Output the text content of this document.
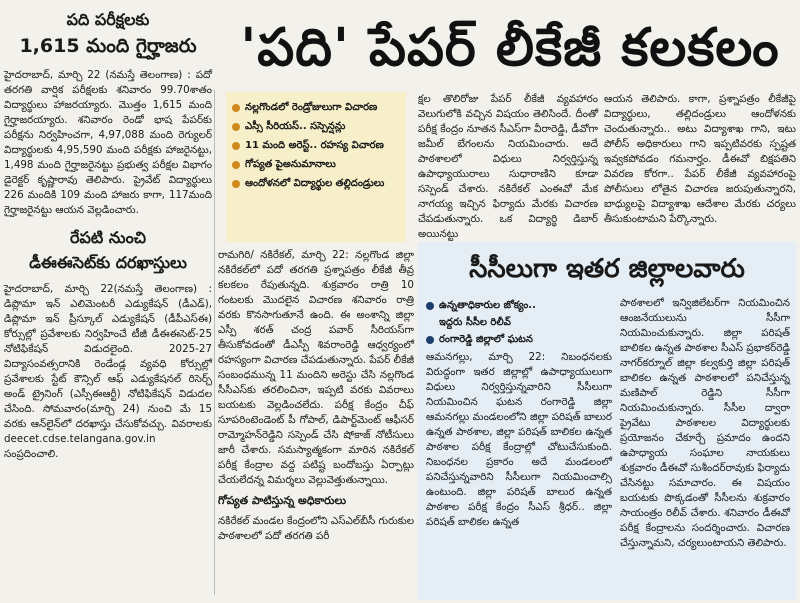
పది పరీక్షలకు
1,615 మంది గైర్హాజరు

హైదరాబాద్, మార్చి 22 (నమస్తే తెలంగాణ) : పదో తరగతి వార్షిక పరీక్షలకు శనివారం 99.70శాతం విద్యార్థులు హాజరయ్యారు. మొత్తం 1,615 మంది గైర్హాజరయ్యారు. శనివారం రెండో భాష పేపర్‌కు పరీక్షను నిర్వహించగా, 4,97,088 మంది రెగ్యులర్ విద్యార్థులకు 4,95,590 మంది పరీక్షకు హాజరైనట్టు, 1,498 మంది గైర్హాజరైనట్టు ప్రభుత్వ పరీక్షల విభాగం డైరెక్టర్ కృష్ణారావు తెలిపారు. ప్రైవేట్ విద్యార్థులు 226 మందికి 109 మంది హాజరు కాగా, 117మంది గైర్హాజరైనట్టు ఆయన వెల్లడించారు.

రేపటి నుంచి
డీఈఈసెట్‌కు దరఖాస్తులు

హైదరాబాద్, మార్చి 22(నమస్తే తెలంగాణ) : డిప్లొమా ఇన్ ఎలిమెంటరీ ఎడ్యుకేషన్ (డీఎడ్), డిప్లొమా ఇన్ ప్రీస్కూల్ ఎడ్యుకేషన్ (డీపీఎస్ఈ) కోర్సుల్లో ప్రవేశాలకు నిర్వహించే టీజీ డీఈఈసెట్-25 నోటిఫికేషన్ విడుదలైంది. 2025-27 విద్యాసంవత్సరానికి రెండేండ్ల వ్యవధి కోర్సుల్లో ప్రవేశాలకు స్టేట్ కౌన్సిల్ ఆఫ్ ఎడ్యుకేషనల్ రిసెర్చ్ అండ్ ట్రైనింగ్ (ఎస్సీఈఆర్టీ) నోటిఫికేషన్ విడుదల చేసింది. సోమవారం(మార్చి 24) నుంచి మే 15 వరకు ఆన్‌లైన్‌లో దరఖాస్తు చేసుకోవచ్చు. వివరాలకు deecet.cdse.telangana.gov.in సంప్రదించాలి.

'పది' పేపర్ లీకేజీ కలకలం
నల్లగొండలో రెండ్రోజులుగా విచారణ
ఎస్సీ సీరియస్.. సస్పెన్షన్లు
11 మంది అరెస్ట్.. రహస్య విచారణ
గోప్యత పైఅనుమానాలు
ఆందోళనలో విద్యార్థుల తల్లిదండ్రులు

రామగిరి/ నకిరేకల్, మార్చి 22: నల్లగొండ జిల్లా నకిరేకల్‌లో పదో తరగతి ప్రశ్నాపత్రం లీకేజీ తీవ్ర కలకలం రేపుతున్నది. శుక్రవారం రాత్రి 10 గంటలకు మొదలైన విచారణ శనివారం రాత్రి వరకు కొనసాగుతూనే ఉంది. ఈ అంశాన్ని జిల్లా ఎస్పీ శరత్ చంద్ర పవార్ సీరియస్‌గా తీసుకోవడంతో డీఎస్పీ శివరాంరెడ్డి ఆధ్వర్యంలో రహస్యంగా విచారణ చేపడుతున్నారు. పేపర్ లీకేజీ సంబంధమున్న 11 మందిని అరెస్టు చేసి నల్లగొండ సీసీఎస్‌కు తరలించినా, ఇప్పటి వరకు వివరాలు బయటకు వెల్లడించలేదు. పరీక్ష కేంద్రం చీఫ్ సూపరింటెండెంట్ పీ గోపాల్, డిపార్ట్‌మెంట్ ఆఫీసర్ రామ్మోహన్‌రెడ్డిని సస్పెండ్ చేసి షోకాజ్ నోటీసులు జారీ చేశారు. సమస్యాత్మకంగా మారిన నకిరేకల్ పరీక్ష కేంద్రాల వద్ద పటిష్ట బందోబస్తు ఏర్పాట్లు చేయలేదన్న విమర్శలు వెల్లువెత్తుతున్నాయి.

గోప్యత పాటిస్తున్న అధికారులు

నకిరేకల్ మండల కేంద్రంలోని ఎస్ఎల్‌బీసీ గురుకుల పాఠశాలలో పదో తరగతి పరీ

క్షల తొలిరోజు పేపర్ లీకేజీ వ్యవహారం వెలుగులోకి వచ్చిన విషయం తెలిసిందే. దీంతో పరీక్ష కేంద్రం నూతన సీఎస్‌గా వీరారెడ్డి, డీవోగా జమీల్ బేగంలను నియమించారు. అదే పాఠశాలలో విధులు నిర్వర్తిస్తున్న ఉపాధ్యాయురాలు సుధారాణిని కూడా సస్పెండ్ చేశారు. నకిరేకల్ ఎంఈవో మేక నాగయ్య ఇచ్చిన ఫిర్యాదు మేరకు విచారణ చేపడుతున్నారు. ఒక విద్యార్థి డిబార్ అయినట్టు

ఆయన తెలిపారు. కాగా, ప్రశ్నాపత్రం లీకేజీపై విద్యార్థులు, తల్లిదండ్రులు ఆందోళనకు చెందుతున్నారు.. అటు విద్యాశాఖ గాని, ఇటు పోలీస్ అధికారులు గాని ఇప్పటివరకు స్పష్టత ఇవ్వకపోవడం గమనార్హం. డీఈవో బిక్షపతిని వివరణ కోరగా.. పేపర్ లీకేజీ వ్యవహారంపై పోలీసులు లోతైన విచారణ జరుపుతున్నారని, బాధ్యులపై విద్యాశాఖ ఆదేశాల మేరకు చర్యలు తీసుకుంటామని పేర్కొన్నారు.

సీసీలుగా ఇతర జిల్లాలవారు
ఉన్నతాధికారుల జోక్యం..
ఇద్దరు సీసీల రిలీవ్
రంగారెడ్డి జిల్లాలో ఘటన

ఆమనగల్లు, మార్చి 22: నిబంధనలకు విరుద్ధంగా ఇతర జిల్లాల్లో ఉపాధ్యాయులుగా విధులు నిర్వర్తిస్తున్నవారిని సీసీలుగా నియమించిన ఘటన రంగారెడ్డి జిల్లా ఆమనగల్లు మండలంలోని జిల్లా పరిషత్ బాలుర ఉన్నత పాఠశాల, జిల్లా పరిషత్ బాలికల ఉన్నత పాఠశాల పరీక్ష కేంద్రాల్లో చోటుచేసుకుంది. నిబంధనల ప్రకారం అదే మండలంలో పనిచేస్తున్నవారిని సీసీలుగా నియమించాల్సి ఉంటుంది. జిల్లా పరిషత్ బాలుర ఉన్నత పాఠశాల పరీక్ష కేంద్రం సీఎస్ శ్రీధర్.. జిల్లా పరిషత్ బాలికల ఉన్నత

పాఠశాలలో ఇన్విజిలేటర్‌గా నియమించిన ఆంజనేయులును సీసీగా నియమించుకున్నారు. జిల్లా పరిషత్ బాలికల ఉన్నత పాఠశాల సీఎస్ ప్రభాకర్‌రెడ్డి నాగర్‌కర్నూల్ జిల్లా కల్వకుర్తి జిల్లా పరిషత్ బాలికల ఉన్నత పాఠశాలలో పనిచేస్తున్న మణిపాల్ రెడ్డిని సీసీగా నియమించుకున్నారు. సీసీల ద్వారా ప్రైవేటు పాఠశాలల విద్యార్థులకు ప్రయోజనం చేకూర్చే ప్రమాదం ఉందని ఉపాధ్యాయ సంఘాల నాయకులు శుక్రవారం డీఈవో సుశీందర్‌రావుకు ఫిర్యాదు చేసినట్టు సమాచారం. ఈ విషయం బయటకు పొక్కడంతో సీసీలను శుక్రవారం సాయంత్రం రిలీవ్ చేశారు. శనివారం డీఈవో పరీక్ష కేంద్రాలను సందర్శించారు. విచారణ చేస్తున్నామని, చర్యలుంటాయని తెలిపారు.
